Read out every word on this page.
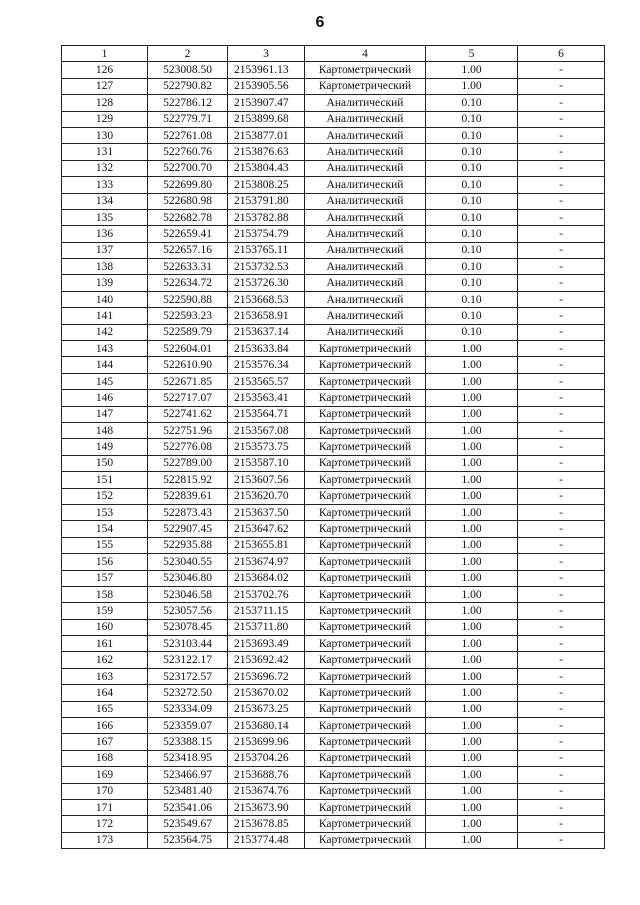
6
1	2	3	4	5	6
126	523008.50	2153961.13	Картометрический	1.00	-
127	522790.82	2153905.56	Картометрический	1.00	-
128	522786.12	2153907.47	Аналитический	0.10	-
129	522779.71	2153899.68	Аналитический	0.10	-
130	522761.08	2153877.01	Аналитический	0.10	-
131	522760.76	2153876.63	Аналитический	0.10	-
132	522700.70	2153804.43	Аналитический	0.10	-
133	522699.80	2153808.25	Аналитический	0.10	-
134	522680.98	2153791.80	Аналитический	0.10	-
135	522682.78	2153782.88	Аналитический	0.10	-
136	522659.41	2153754.79	Аналитический	0.10	-
137	522657.16	2153765.11	Аналитический	0.10	-
138	522633.31	2153732.53	Аналитический	0.10	-
139	522634.72	2153726.30	Аналитический	0.10	-
140	522590.88	2153668.53	Аналитический	0.10	-
141	522593.23	2153658.91	Аналитический	0.10	-
142	522589.79	2153637.14	Аналитический	0.10	-
143	522604.01	2153633.84	Картометрический	1.00	-
144	522610.90	2153576.34	Картометрический	1.00	-
145	522671.85	2153565.57	Картометрический	1.00	-
146	522717.07	2153563.41	Картометрический	1.00	-
147	522741.62	2153564.71	Картометрический	1.00	-
148	522751.96	2153567.08	Картометрический	1.00	-
149	522776.08	2153573.75	Картометрический	1.00	-
150	522789.00	2153587.10	Картометрический	1.00	-
151	522815.92	2153607.56	Картометрический	1.00	-
152	522839.61	2153620.70	Картометрический	1.00	-
153	522873.43	2153637.50	Картометрический	1.00	-
154	522907.45	2153647.62	Картометрический	1.00	-
155	522935.88	2153655.81	Картометрический	1.00	-
156	523040.55	2153674.97	Картометрический	1.00	-
157	523046.80	2153684.02	Картометрический	1.00	-
158	523046.58	2153702.76	Картометрический	1.00	-
159	523057.56	2153711.15	Картометрический	1.00	-
160	523078.45	2153711.80	Картометрический	1.00	-
161	523103.44	2153693.49	Картометрический	1.00	-
162	523122.17	2153692.42	Картометрический	1.00	-
163	523172.57	2153696.72	Картометрический	1.00	-
164	523272.50	2153670.02	Картометрический	1.00	-
165	523334.09	2153673.25	Картометрический	1.00	-
166	523359.07	2153680.14	Картометрический	1.00	-
167	523388.15	2153699.96	Картометрический	1.00	-
168	523418.95	2153704.26	Картометрический	1.00	-
169	523466.97	2153688.76	Картометрический	1.00	-
170	523481.40	2153674.76	Картометрический	1.00	-
171	523541.06	2153673.90	Картометрический	1.00	-
172	523549.67	2153678.85	Картометрический	1.00	-
173	523564.75	2153774.48	Картометрический	1.00	-
